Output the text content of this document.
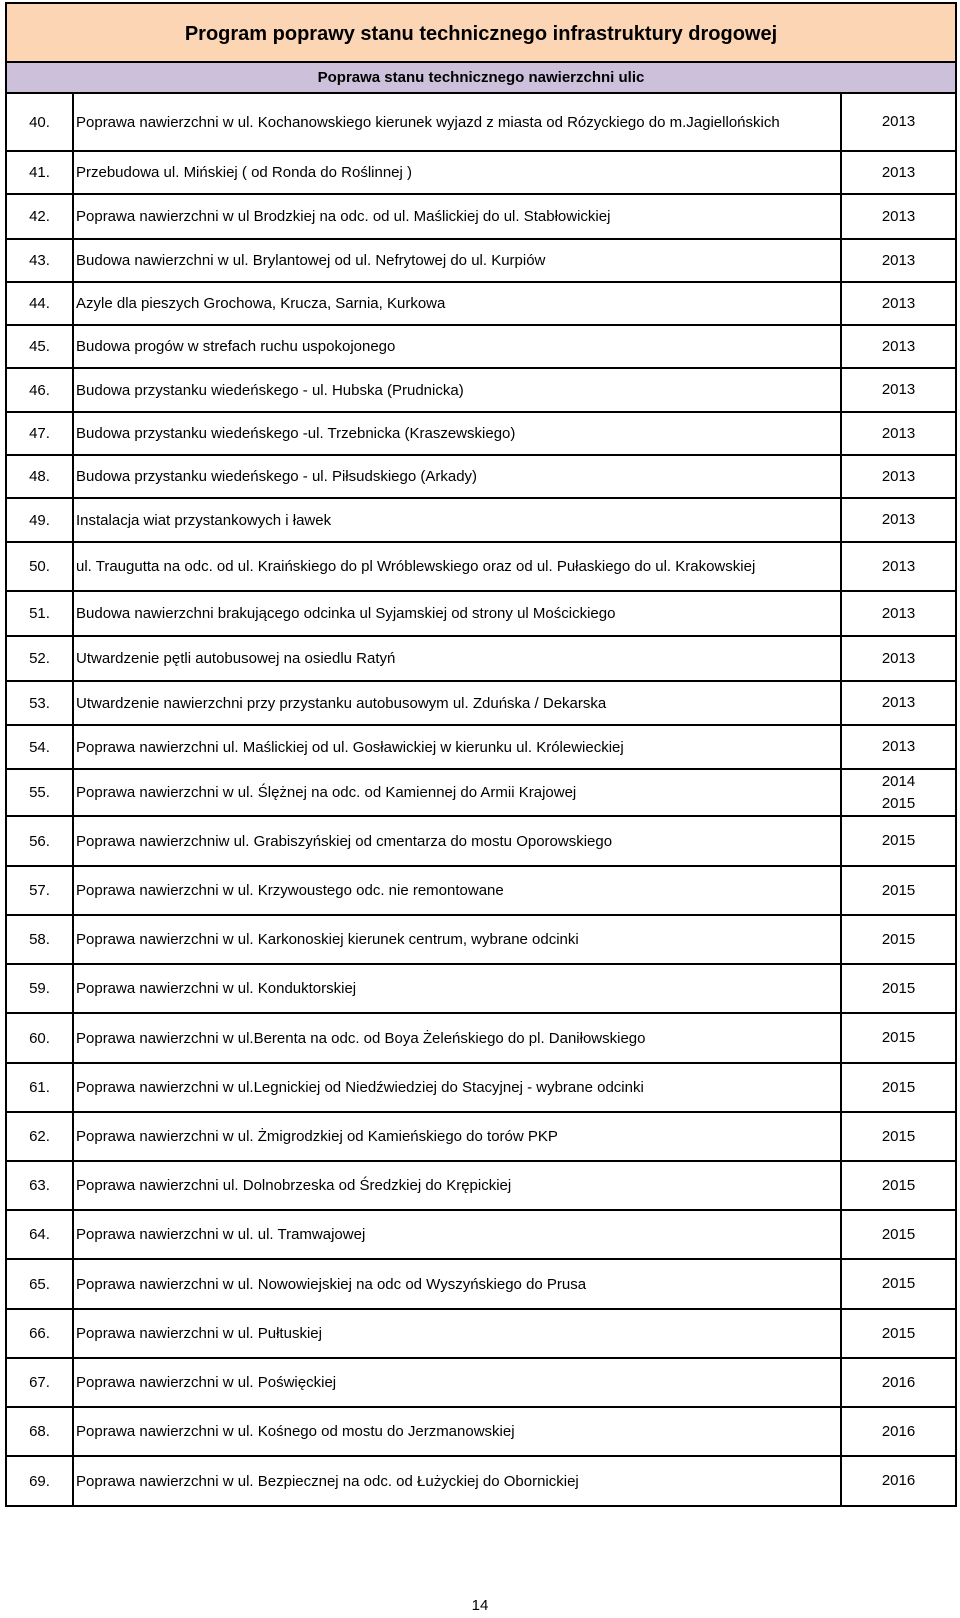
Program poprawy stanu technicznego infrastruktury drogowej		
Poprawa stanu technicznego nawierzchni ulic		
40.	Poprawa nawierzchni w ul. Kochanowskiego kierunek wyjazd z miasta od Rózyckiego do m.Jagiellońskich	2013

41.	Przebudowa ul. Mińskiej ( od Ronda do Roślinnej )	2013

42.	Poprawa nawierzchni w ul Brodzkiej na odc. od ul. Maślickiej do ul. Stabłowickiej	2013

43.	Budowa nawierzchni w ul. Brylantowej od ul. Nefrytowej do ul. Kurpiów	2013

44.	Azyle dla pieszych Grochowa, Krucza, Sarnia, Kurkowa	2013

45.	Budowa progów w strefach ruchu uspokojonego	2013

46.	Budowa przystanku wiedeńskego - ul. Hubska (Prudnicka)	2013

47.	Budowa przystanku wiedeńskego -ul. Trzebnicka (Kraszewskiego)	2013

48.	Budowa przystanku wiedeńskego - ul. Piłsudskiego (Arkady)	2013

49.	Instalacja wiat przystankowych i ławek	2013

50.	ul. Traugutta na odc. od ul. Kraińskiego do pl Wróblewskiego oraz od ul. Pułaskiego do ul. Krakowskiej	2013

51.	Budowa nawierzchni brakującego odcinka ul Syjamskiej od strony ul Mościckiego	2013

52.	Utwardzenie pętli autobusowej na osiedlu Ratyń	2013

53.	Utwardzenie nawierzchni przy przystanku autobusowym ul. Zduńska / Dekarska	2013

54.	Poprawa nawierzchni ul. Maślickiej od ul. Gosławickiej w kierunku ul. Królewieckiej	2013

55.	Poprawa nawierzchni w ul. Ślężnej na odc. od Kamiennej do Armii Krajowej	2014
2015

56.	Poprawa nawierzchniw ul. Grabiszyńskiej od cmentarza do mostu Oporowskiego	2015

57.	Poprawa nawierzchni w ul. Krzywoustego odc. nie remontowane	2015

58.	Poprawa nawierzchni w ul. Karkonoskiej kierunek centrum, wybrane odcinki	2015

59.	Poprawa nawierzchni w ul. Konduktorskiej	2015

60.	Poprawa nawierzchni w ul.Berenta na odc. od Boya Żeleńskiego do pl. Daniłowskiego	2015

61.	Poprawa nawierzchni w ul.Legnickiej od Niedźwiedziej do Stacyjnej - wybrane odcinki	2015

62.	Poprawa nawierzchni w ul. Żmigrodzkiej od Kamieńskiego do torów PKP	2015

63.	Poprawa nawierzchni ul. Dolnobrzeska od Średzkiej do Krępickiej	2015

64.	Poprawa nawierzchni w ul. ul. Tramwajowej	2015

65.	Poprawa nawierzchni w ul. Nowowiejskiej na odc od Wyszyńskiego do Prusa	2015

66.	Poprawa nawierzchni w ul. Pułtuskiej	2015

67.	Poprawa nawierzchni w ul. Poświęckiej	2016

68.	Poprawa nawierzchni w ul. Kośnego od mostu do Jerzmanowskiej	2016

69.	Poprawa nawierzchni w ul. Bezpiecznej na odc. od Łużyckiej do Obornickiej	2016
14
